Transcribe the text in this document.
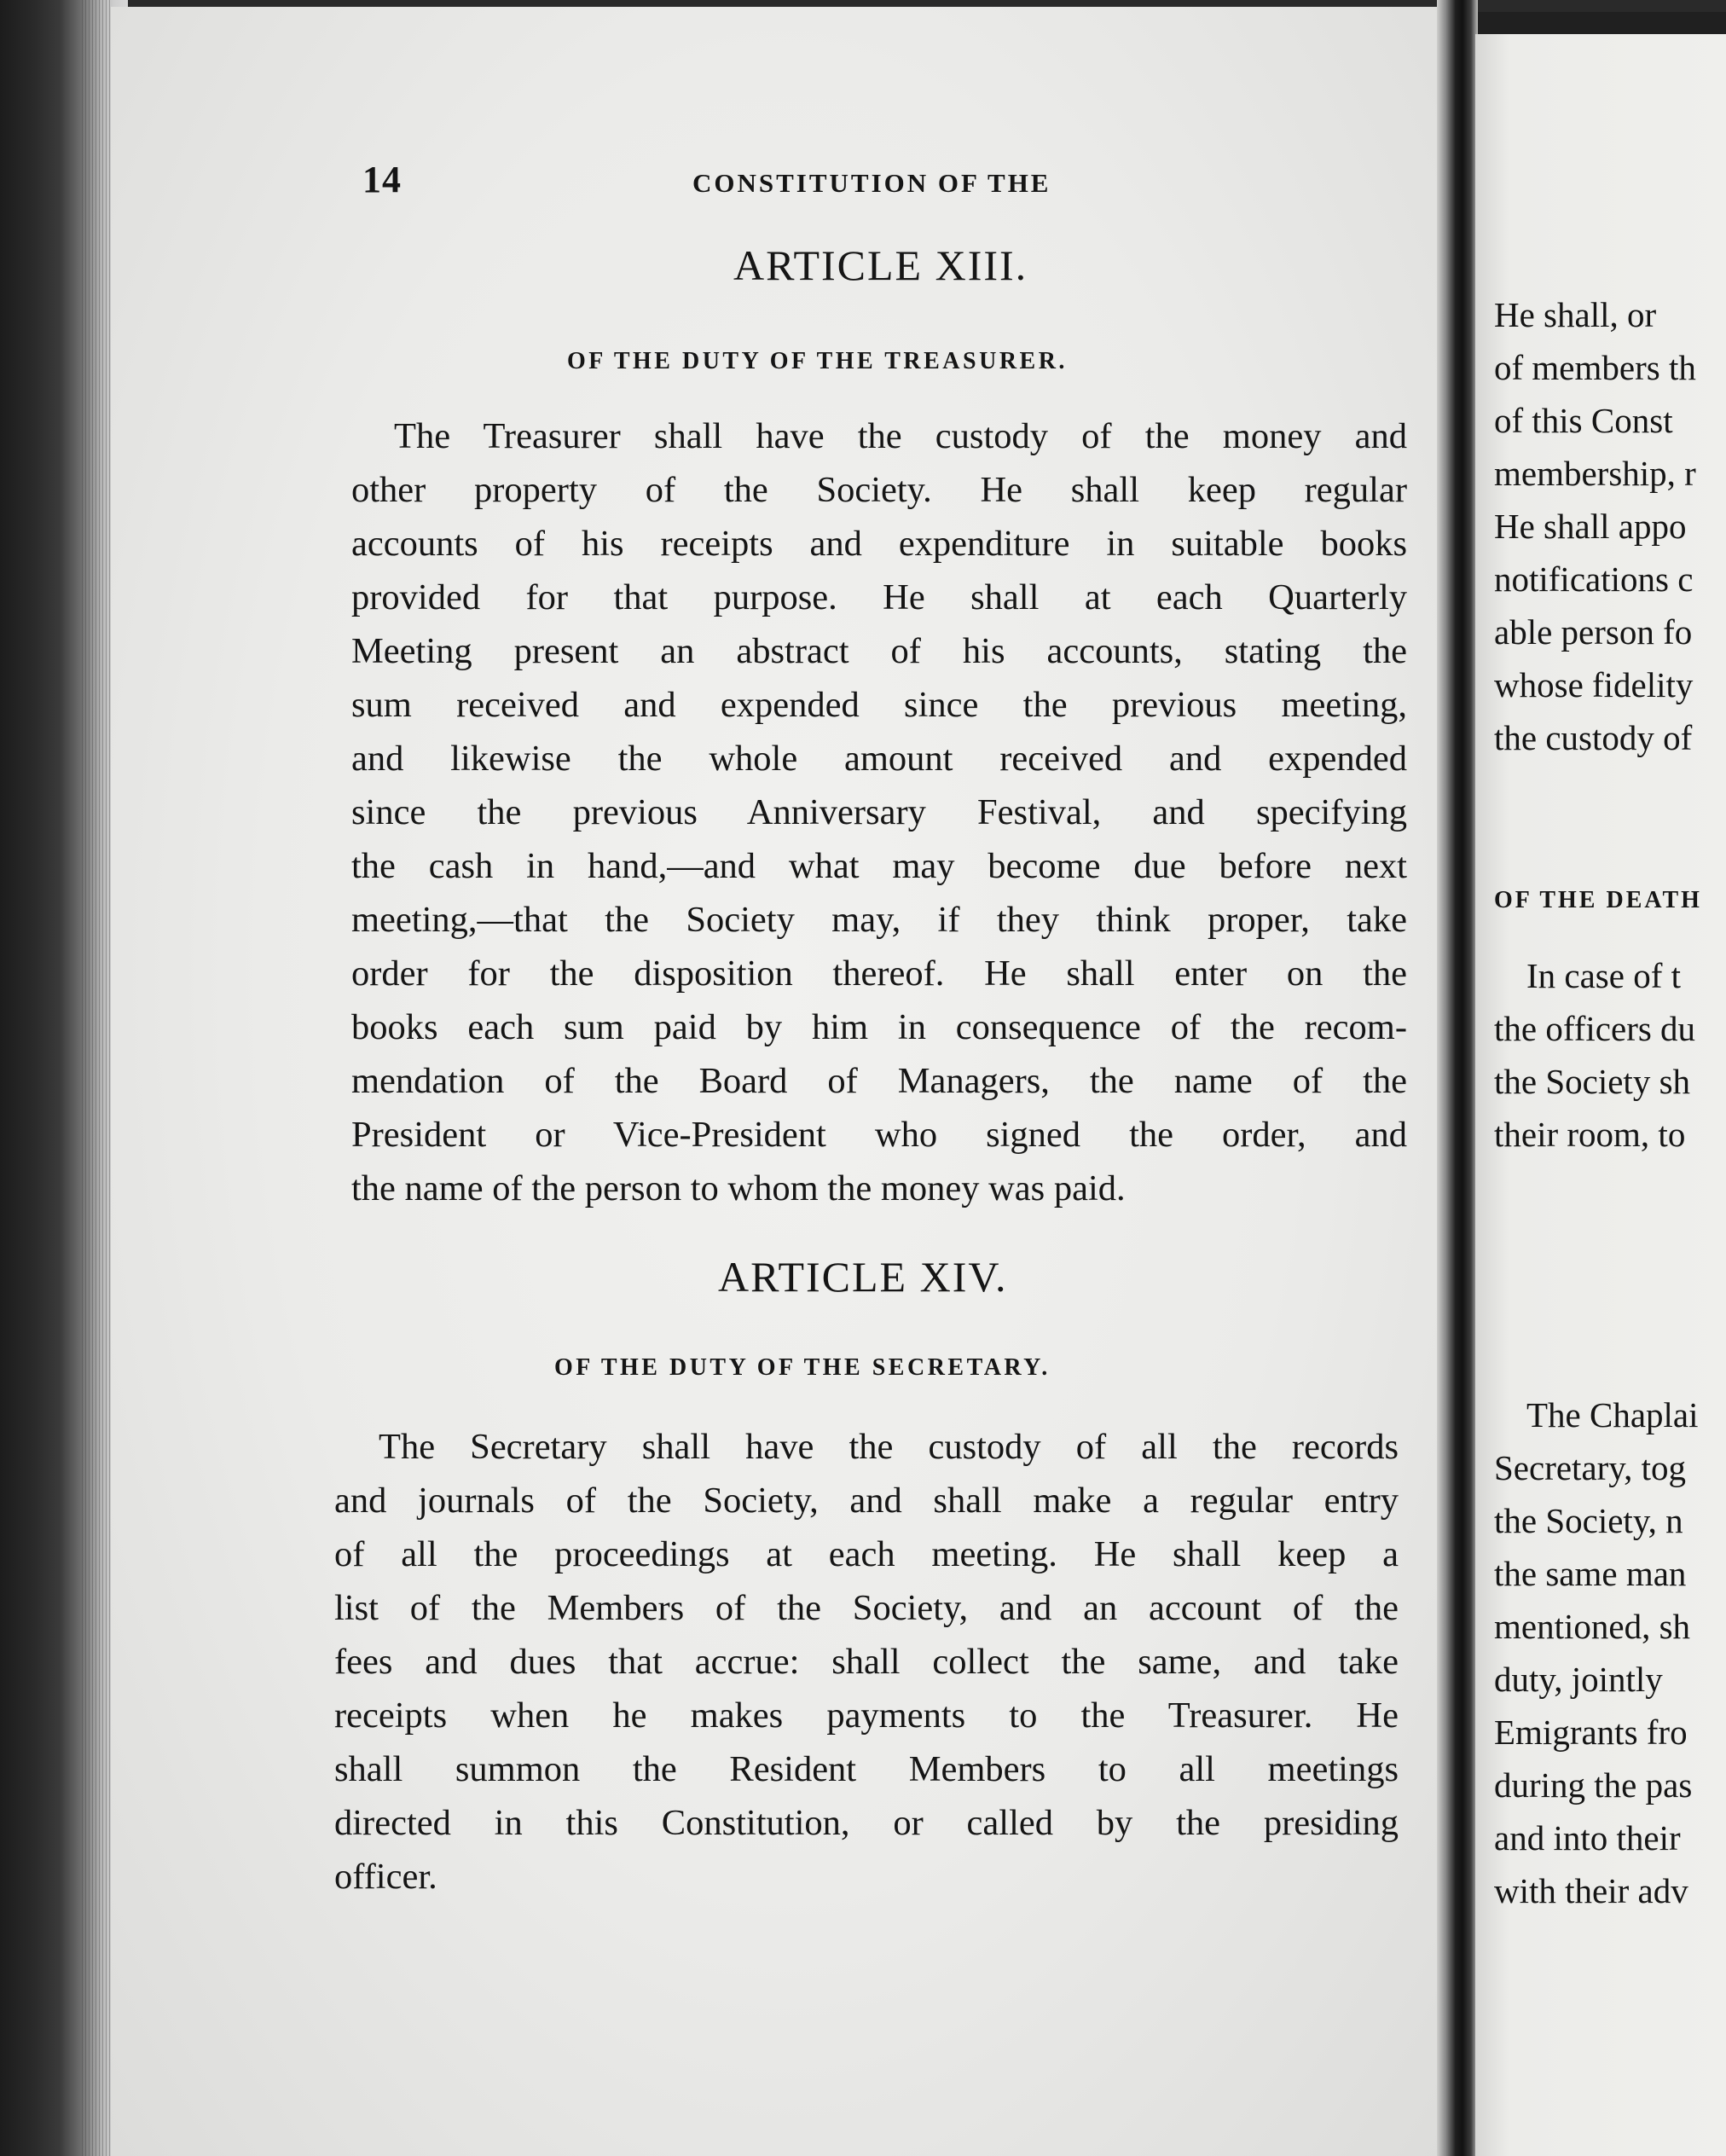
14	CONSTITUTION OF THE
ARTICLE XIII.
OF THE DUTY OF THE TREASURER.
The Treasurer shall have the custody of the money and
other property of the Society. He shall keep regular
accounts of his receipts and expenditure in suitable books
provided for that purpose. He shall at each Quarterly
Meeting present an abstract of his accounts, stating the
sum received and expended since the previous meeting,
and likewise the whole amount received and expended
since the previous Anniversary Festival, and specifying
the cash in hand,—and what may become due before next
meeting,—that the Society may, if they think proper, take
order for the disposition thereof. He shall enter on the
books each sum paid by him in consequence of the recom-
mendation of the Board of Managers, the name of the
President or Vice-President who signed the order, and
the name of the person to whom the money was paid.
ARTICLE XIV.
OF THE DUTY OF THE SECRETARY.
The Secretary shall have the custody of all the records
and journals of the Society, and shall make a regular entry
of all the proceedings at each meeting. He shall keep a
list of the Members of the Society, and an account of the
fees and dues that accrue: shall collect the same, and take
receipts when he makes payments to the Treasurer. He
shall summon the Resident Members to all meetings
directed in this Constitution, or called by the presiding
officer.
He shall, or
of members th
of this Const
membership, r
He shall appo
notifications c
able person fo
whose fidelity
the custody of
OF THE DEATH
In case of t
the officers du
the Society sh
their room, to
The Chaplai
Secretary, tog
the Society, n
the same man
mentioned, sh
duty, jointly
Emigrants fro
during the pas
and into their
with their adv
